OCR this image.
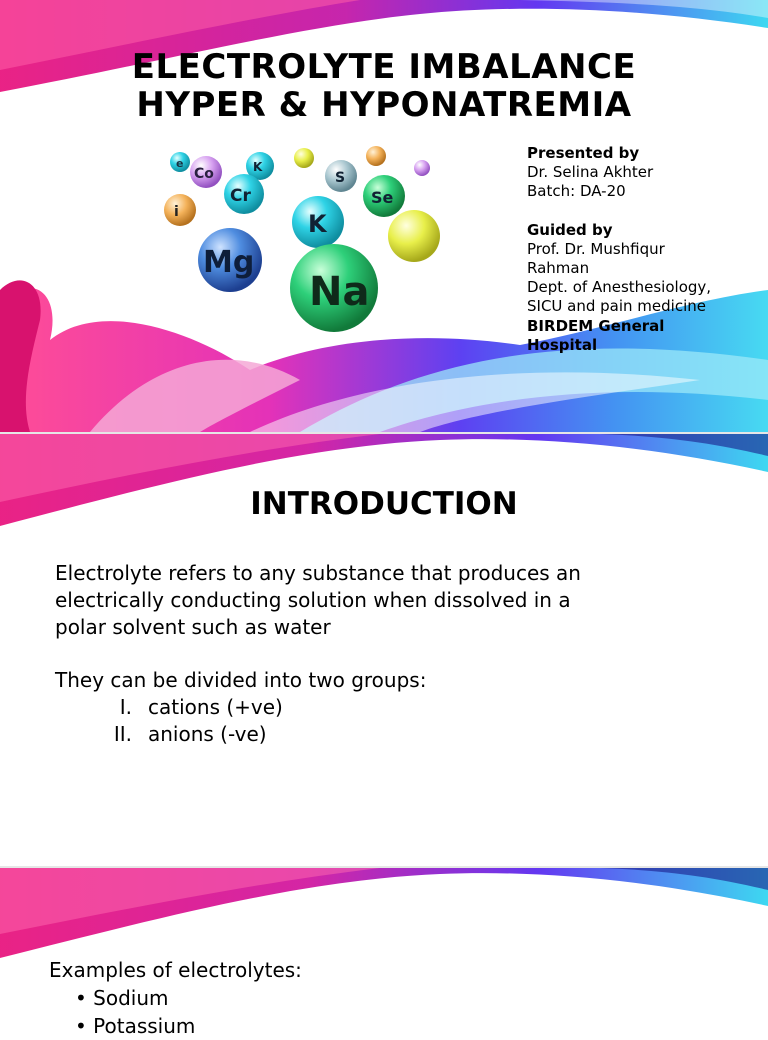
ELECTROLYTE IMBALANCE
HYPER & HYPONATREMIA
e
Co	K
Cr
S
Se
i	K
Mg
Na
Presented by
Dr. Selina Akhter
Batch: DA-20
Guided by
Prof. Dr. Mushfiqur
Rahman
Dept. of Anesthesiology,
SICU and pain medicine
BIRDEM General
Hospital
INTRODUCTION
Electrolyte refers to any substance that produces an
electrically conducting solution when dissolved in a
polar solvent such as water
They can be divided into two groups:
I. cations (+ve)
II. anions (-ve)
Examples of electrolytes:
• Sodium
• Potassium
